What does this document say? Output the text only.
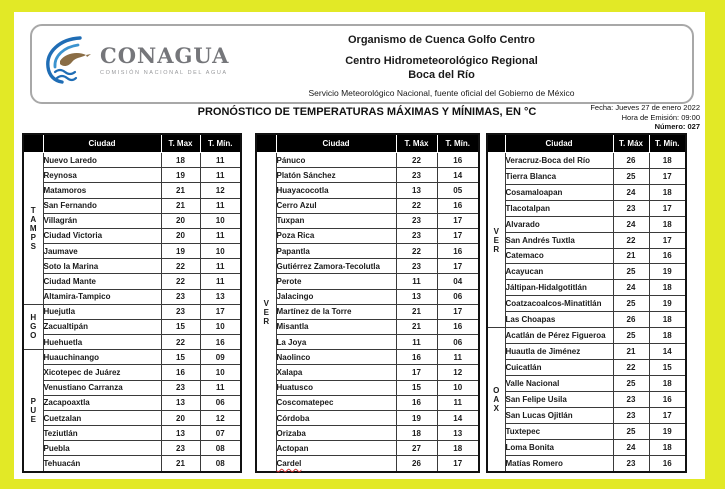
CONAGUA
COMISIÓN NACIONAL DEL AGUA
Organismo de Cuenca Golfo Centro
Centro Hidrometeorológico Regional
Boca del Río
Servicio Meteorológico Nacional, fuente oficial del Gobierno de México
PRONÓSTICO DE TEMPERATURAS MÁXIMAS Y MÍNIMAS, EN °C	Fecha: Jueves 27 de enero 2022
Hora de Emisión: 09:00
Número: 027
	Ciudad	T. Max	T. Mín.
T
A
M
P
S	Nuevo Laredo	18	11
	Reynosa	19	11
	Matamoros	21	12
	San Fernando	21	11
	Villagrán	20	10
	Ciudad Victoria	20	11
	Jaumave	19	10
	Soto la Marina	22	11
	Ciudad Mante	22	11
	Altamira-Tampico	23	13
H
G
O	Huejutla	23	17
	Zacualtipán	15	10
	Huehuetla	22	16
P
U
E	Huauchinango	15	09
	Xicotepec de Juárez	16	10
	Venustiano Carranza	23	11
	Zacapoaxtla	13	06
	Cuetzalan	20	12
	Teziutlán	13	07
	Puebla	23	08
	Tehuacán	21	08
	Ciudad	T. Máx	T. Mín.
V
E
R	Pánuco	22	16
	Platón Sánchez	23	14
	Huayacocotla	13	05
	Cerro Azul	22	16
	Tuxpan	23	17
	Poza Rica	23	17
	Papantla	22	16
	Gutiérrez Zamora-Tecolutla	23	17
	Perote	11	04
	Jalacingo	13	06
	Martínez de la Torre	21	17
	Misantla	21	16
	La Joya	11	06
	Naolinco	16	11
	Xalapa	17	12
	Huatusco	15	10
	Coscomatepec	16	11
	Córdoba	19	14
	Orizaba	18	13
	Actopan	27	18
	Cardel	26	17
	Ciudad	T. Máx	T. Mín.
V
E
R	Veracruz-Boca del Río	26	18
	Tierra Blanca	25	17
	Cosamaloapan	24	18
	Tlacotalpan	23	17
	Alvarado	24	18
	San Andrés Tuxtla	22	17
	Catemaco	21	16
	Acayucan	25	19
	Jáltipan-Hidalgotitlán	24	18
	Coatzacoalcos-Minatitlán	25	19
	Las Choapas	26	18
O
A
X	Acatlán de Pérez Figueroa	25	18
	Huautla de Jiménez	21	14
	Cuicatlán	22	15
	Valle Nacional	25	18
	San Felipe Usila	23	16
	San Lucas Ojitlán	23	17
	Tuxtepec	25	19
	Loma Bonita	24	18
	Matías Romero	23	16
